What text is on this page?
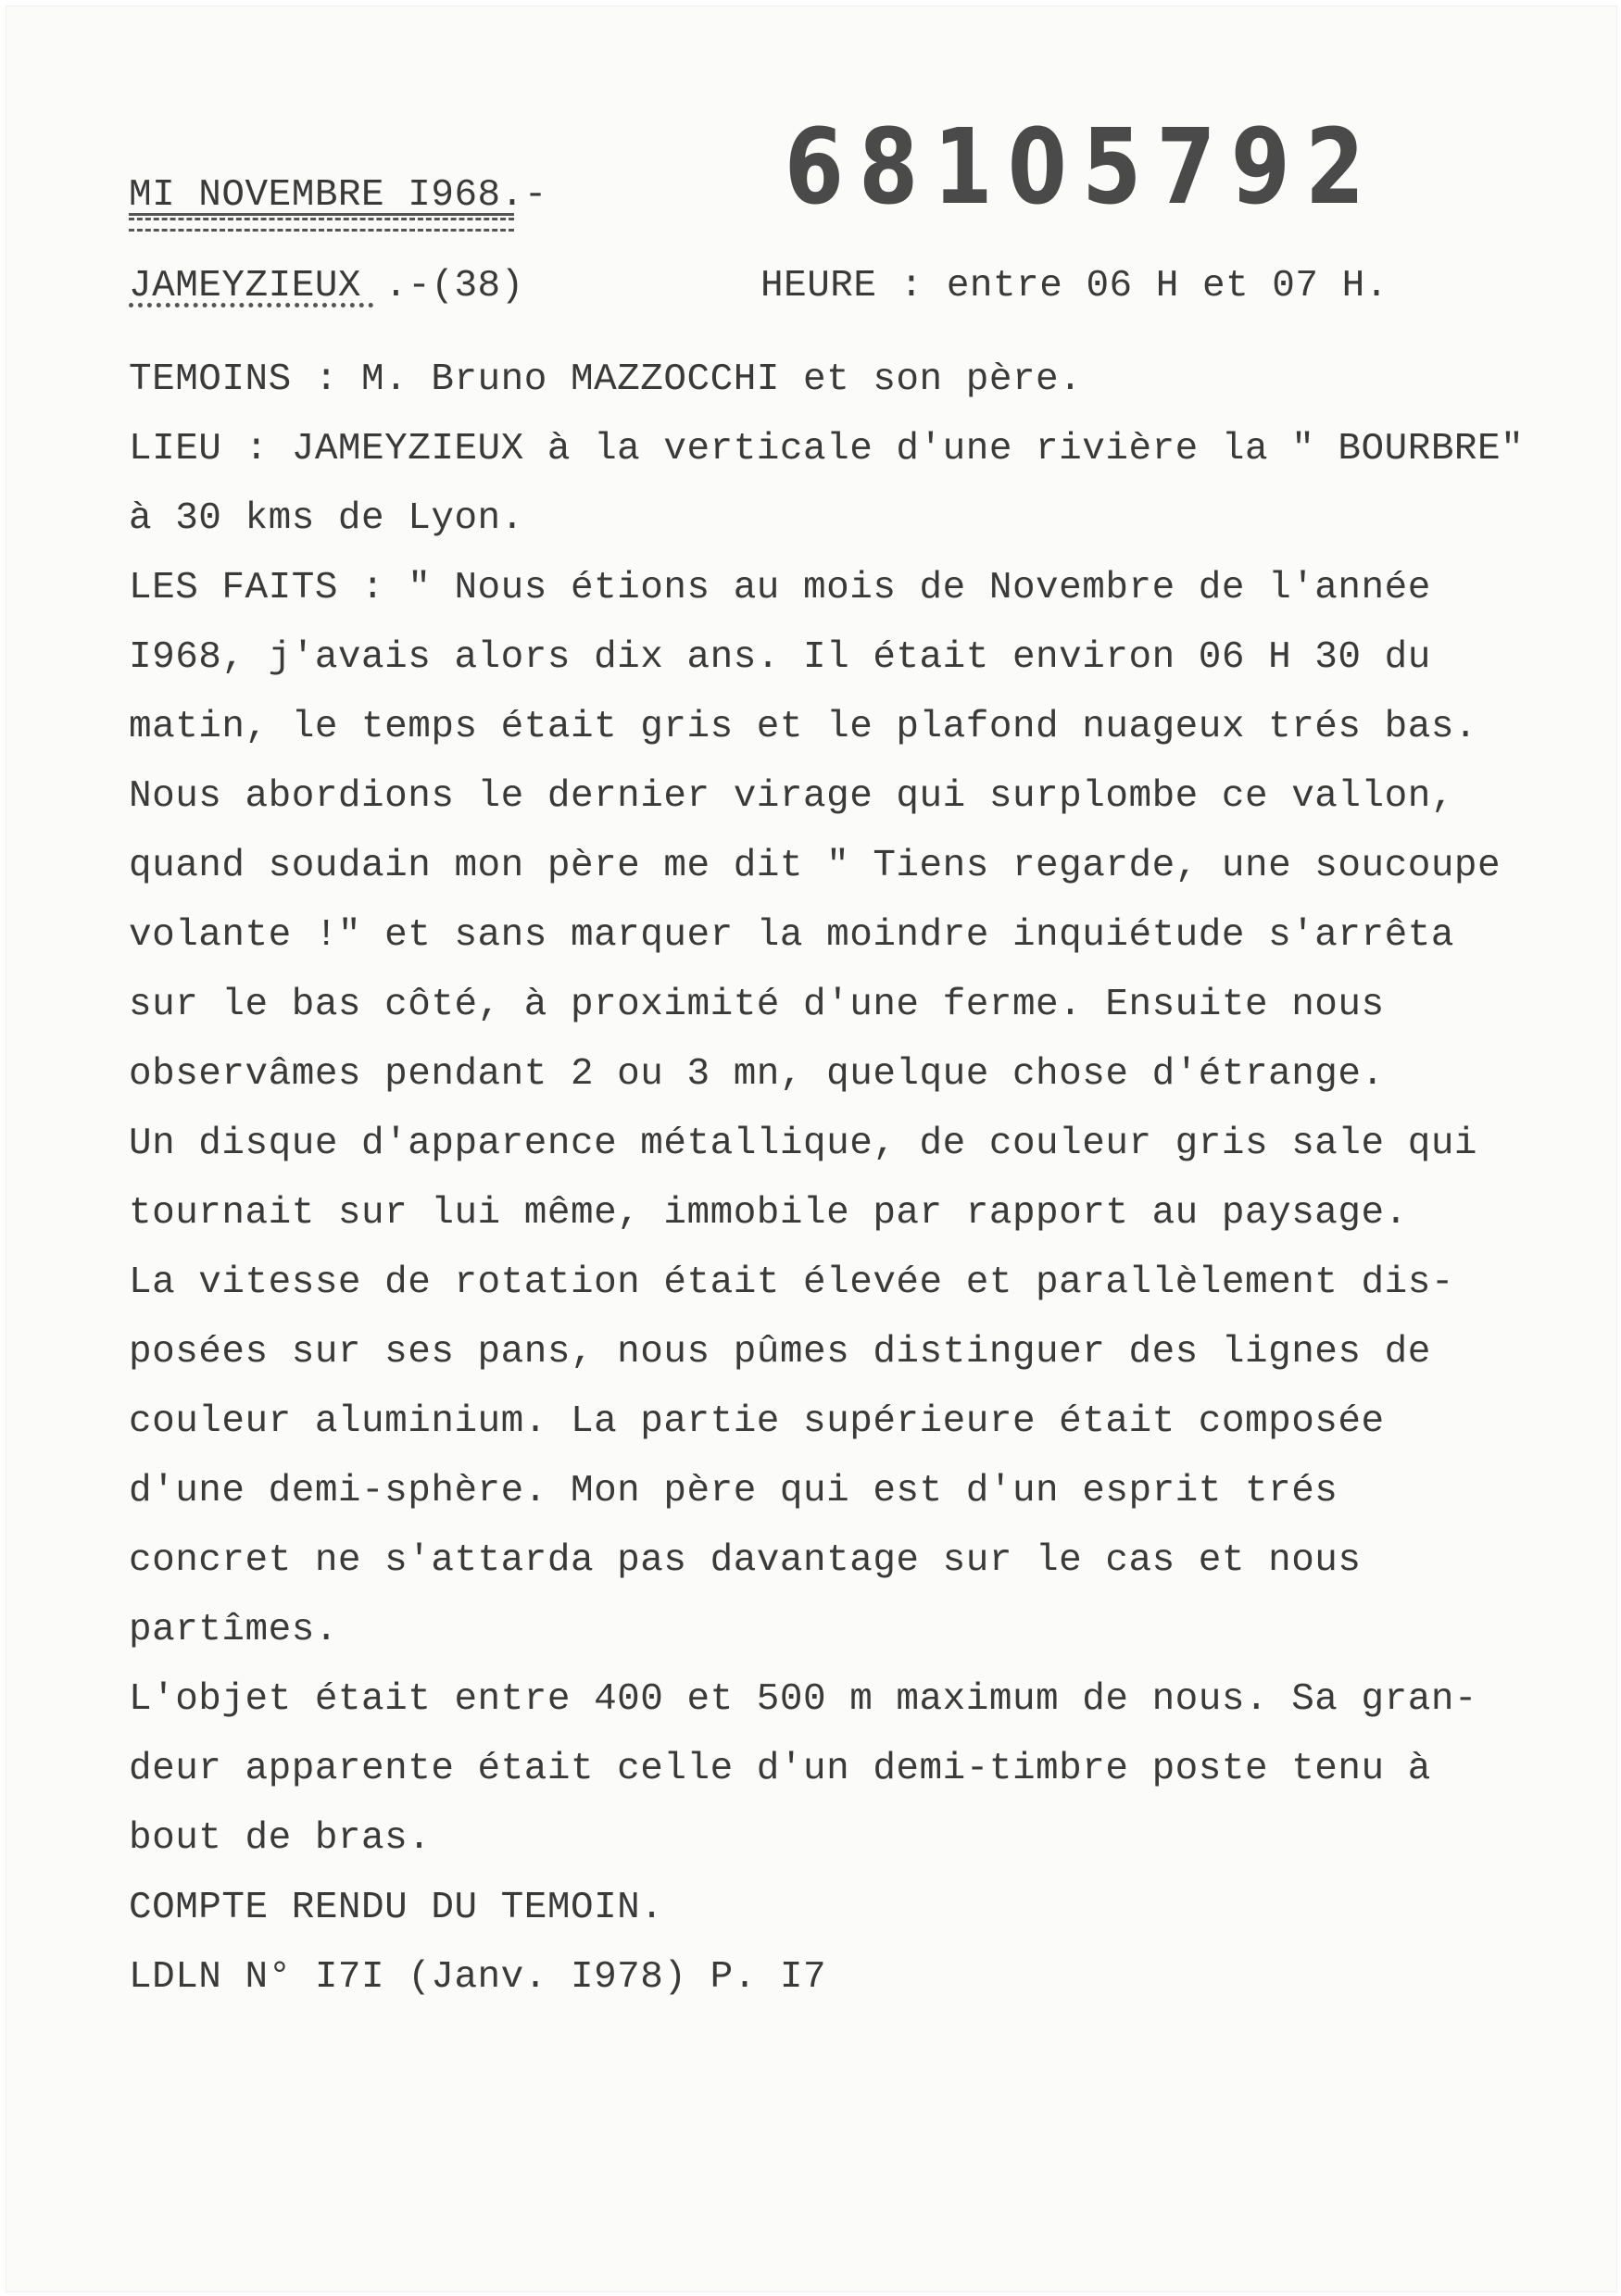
MI NOVEMBRE I968.- 68105792
JAMEYZIEUX .-(38)	HEURE : entre 06 H et 07 H.
TEMOINS : M. Bruno MAZZOCCHI et son père.
LIEU : JAMEYZIEUX à la verticale d'une rivière la " BOURBRE"
à 30 kms de Lyon.
LES FAITS : " Nous étions au mois de Novembre de l'année
I968, j'avais alors dix ans. Il était environ 06 H 30 du
matin, le temps était gris et le plafond nuageux trés bas.
Nous abordions le dernier virage qui surplombe ce vallon,
quand soudain mon père me dit " Tiens regarde, une soucoupe
volante !" et sans marquer la moindre inquiétude s'arrêta
sur le bas côté, à proximité d'une ferme. Ensuite nous
observâmes pendant 2 ou 3 mn, quelque chose d'étrange.
Un disque d'apparence métallique, de couleur gris sale qui
tournait sur lui même, immobile par rapport au paysage.
La vitesse de rotation était élevée et parallèlement dis-
posées sur ses pans, nous pûmes distinguer des lignes de
couleur aluminium. La partie supérieure était composée
d'une demi-sphère. Mon père qui est d'un esprit trés
concret ne s'attarda pas davantage sur le cas et nous
partîmes.
L'objet était entre 400 et 500 m maximum de nous. Sa gran-
deur apparente était celle d'un demi-timbre poste tenu à
bout de bras.
COMPTE RENDU DU TEMOIN.
LDLN N° I7I (Janv. I978) P. I7
